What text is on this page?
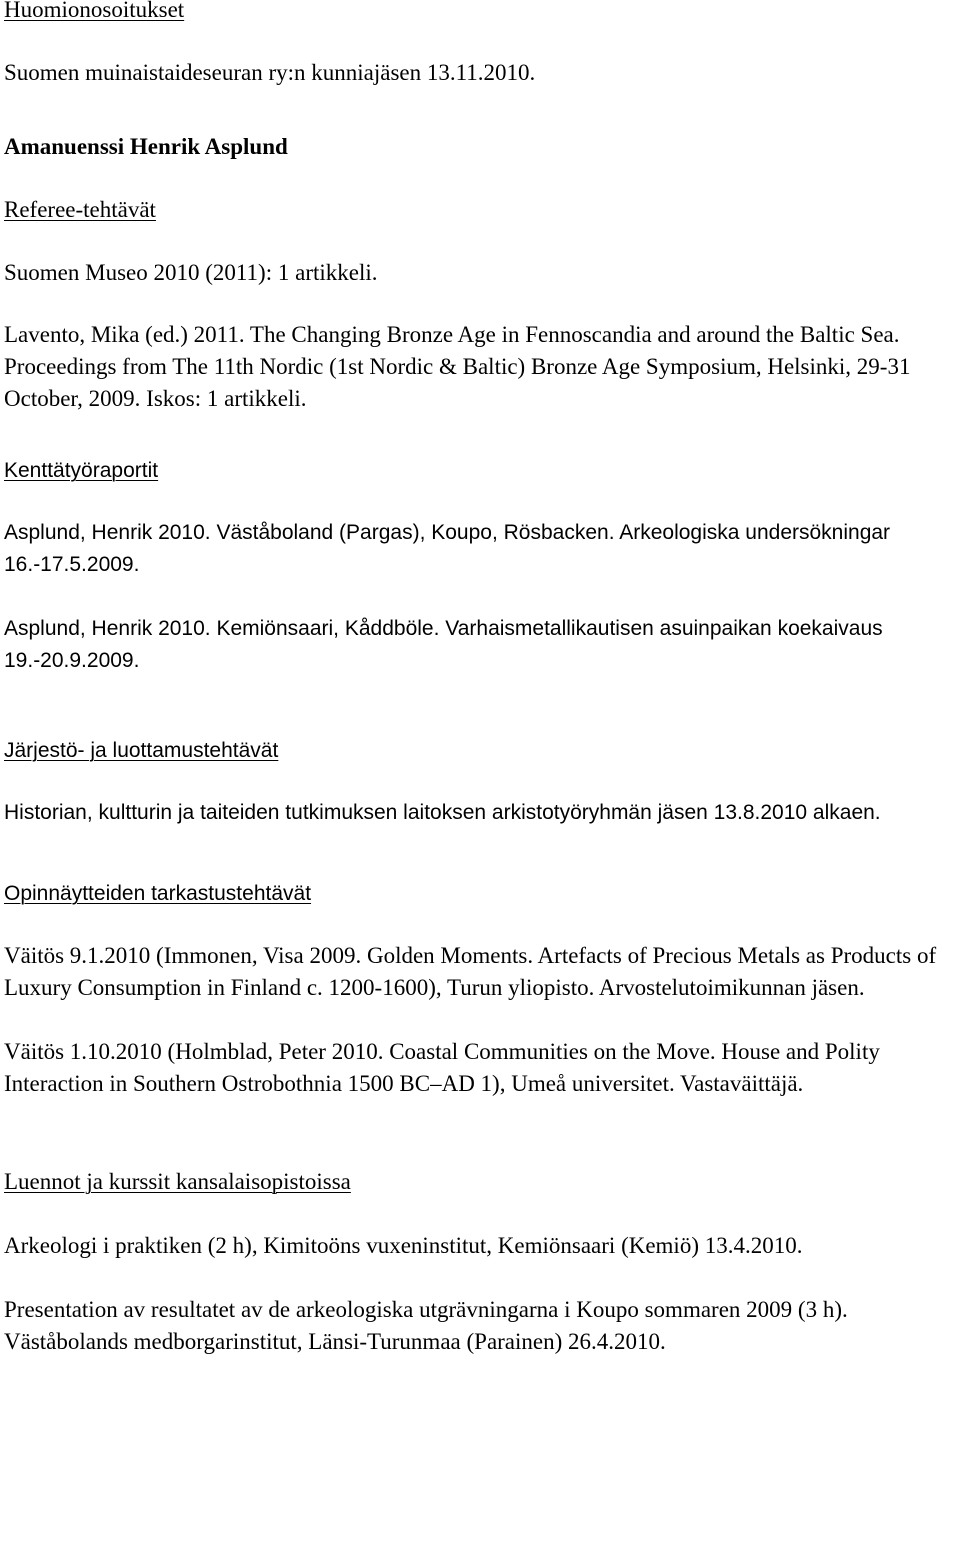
Huomionosoitukset

Suomen muinaistaideseuran ry:n kunniajäsen 13.11.2010.

Amanuenssi Henrik Asplund

Referee-tehtävät

Suomen Museo 2010 (2011): 1 artikkeli.

Lavento, Mika (ed.) 2011. The Changing Bronze Age in Fennoscandia and around the Baltic Sea. Proceedings from The 11th Nordic (1st Nordic & Baltic) Bronze Age Symposium, Helsinki, 29-31 October, 2009. Iskos: 1 artikkeli.

Kenttätyöraportit

Asplund, Henrik 2010. Väståboland (Pargas), Koupo, Rösbacken. Arkeologiska undersökningar 16.-17.5.2009.

Asplund, Henrik 2010. Kemiönsaari, Kåddböle. Varhaismetallikautisen asuinpaikan koekaivaus 19.-20.9.2009.

Järjestö- ja luottamustehtävät

Historian, kultturin ja taiteiden tutkimuksen laitoksen arkistotyöryhmän jäsen 13.8.2010 alkaen.

Opinnäytteiden tarkastustehtävät

Väitös 9.1.2010 (Immonen, Visa 2009. Golden Moments. Artefacts of Precious Metals as Products of Luxury Consumption in Finland c. 1200-1600), Turun yliopisto. Arvostelutoimikunnan jäsen.

Väitös 1.10.2010 (Holmblad, Peter 2010. Coastal Communities on the Move. House and Polity Interaction in Southern Ostrobothnia 1500 BC–AD 1), Umeå universitet. Vastaväittäjä.

Luennot ja kurssit kansalaisopistoissa

Arkeologi i praktiken (2 h), Kimitoöns vuxeninstitut, Kemiönsaari (Kemiö) 13.4.2010.

Presentation av resultatet av de arkeologiska utgrävningarna i Koupo sommaren 2009 (3 h). Väståbolands medborgarinstitut, Länsi-Turunmaa (Parainen) 26.4.2010.
